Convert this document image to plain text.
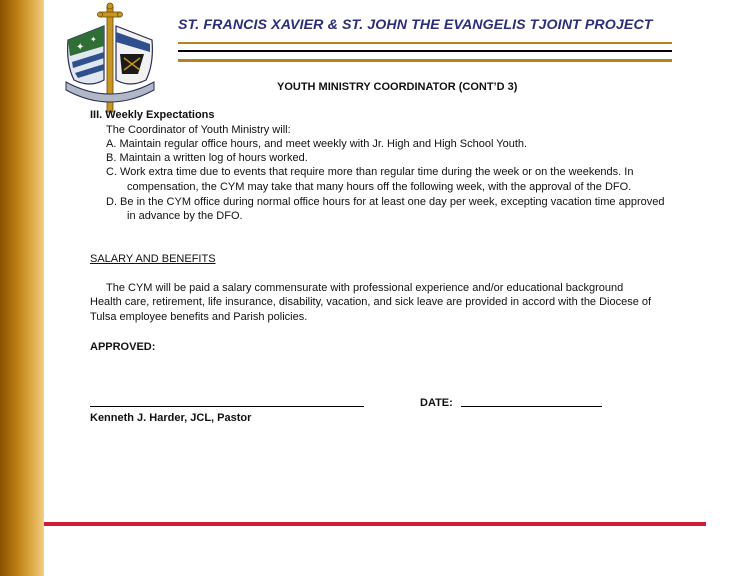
✦
✦
ST. FRANCIS XAVIER & ST. JOHN THE EVANGELIS TJOINT PROJECT
YOUTH MINISTRY COORDINATOR (CONT’D 3)
III. Weekly Expectations
The Coordinator of Youth Ministry will:
A. Maintain regular office hours, and meet weekly with Jr. High and High School Youth.
B. Maintain a written log of hours worked.
C. Work extra time due to events that require more than regular time during the week or on the weekends. In
compensation, the CYM may take that many hours off the following week, with the approval of the DFO.
D. Be in the CYM office during normal office hours for at least one day per week, excepting vacation time approved
in advance by the DFO.
SALARY AND BENEFITS
The CYM will be paid a salary commensurate with professional experience and/or educational background
Health care, retirement, life insurance, disability, vacation, and sick leave are provided in accord with the Diocese of
Tulsa employee benefits and Parish policies.
APPROVED:
Kenneth J. Harder, JCL, Pastor
DATE:
